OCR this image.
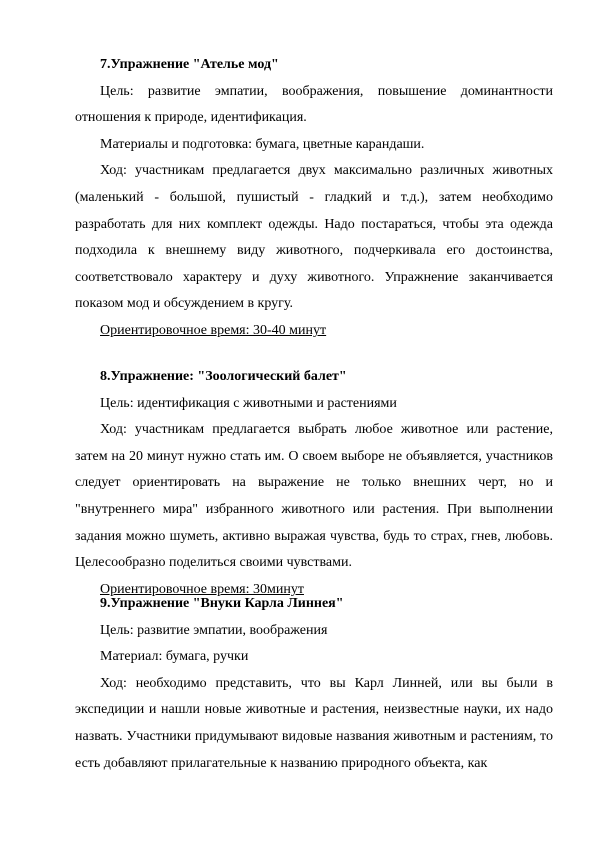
7.Упражнение "Ателье мод"

Цель: развитие эмпатии, воображения, повышение доминантности отношения к природе, идентификация.

Материалы и подготовка: бумага, цветные карандаши.

Ход: участникам предлагается двух максимально различных животных (маленький - большой, пушистый - гладкий и т.д.), затем необходимо разработать для них комплект одежды. Надо постараться, чтобы эта одежда подходила к внешнему виду животного, подчеркивала его достоинства, соответствовало характеру и духу животного. Упражнение заканчивается показом мод и обсуждением в кругу.

Ориентировочное время: 30-40 минут

8.Упражнение: "Зоологический балет"

Цель: идентификация с животными и растениями

Ход: участникам предлагается выбрать любое животное или растение, затем на 20 минут нужно стать им. О своем выборе не объявляется, участников следует ориентировать на выражение не только внешних черт, но и "внутреннего мира" избранного животного или растения. При выполнении задания можно шуметь, активно выражая чувства, будь то страх, гнев, любовь. Целесообразно поделиться своими чувствами.

Ориентировочное время: 30минут

9.Упражнение "Внуки Карла Линнея"

Цель: развитие эмпатии, воображения

Материал: бумага, ручки

Ход: необходимо представить, что вы Карл Линней, или вы были в экспедиции и нашли новые животные и растения, неизвестные науки, их надо назвать. Участники придумывают видовые названия животным и растениям, то есть добавляют прилагательные к названию природного объекта, как
